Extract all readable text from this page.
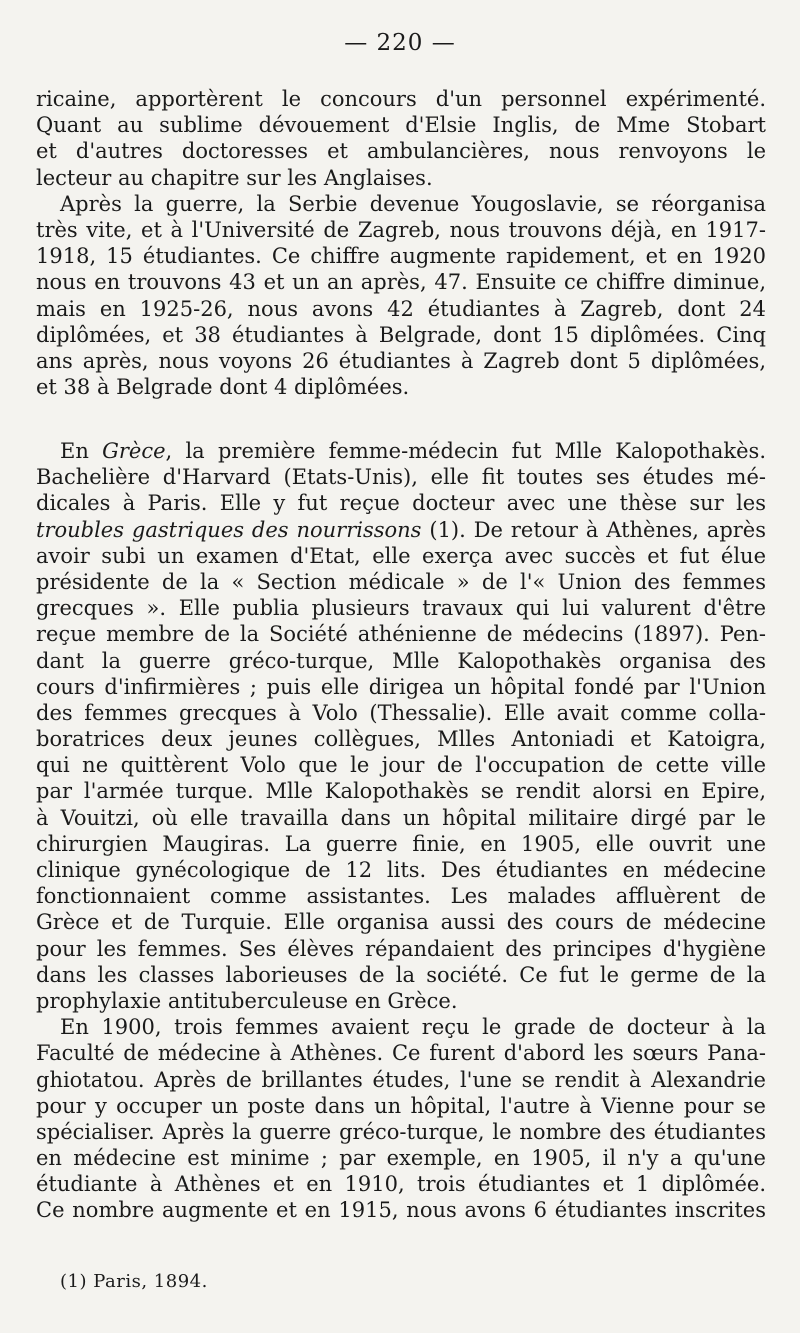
— 220 —
ricaine, apportèrent le concours d'un personnel expérimenté.
Quant au sublime dévouement d'Elsie Inglis, de Mme Stobart
et d'autres doctoresses et ambulancières, nous renvoyons le
lecteur au chapitre sur les Anglaises.
Après la guerre, la Serbie devenue Yougoslavie, se réorganisa
très vite, et à l'Université de Zagreb, nous trouvons déjà, en 1917-
1918, 15 étudiantes. Ce chiffre augmente rapidement, et en 1920
nous en trouvons 43 et un an après, 47. Ensuite ce chiffre diminue,
mais en 1925-26, nous avons 42 étudiantes à Zagreb, dont 24
diplômées, et 38 étudiantes à Belgrade, dont 15 diplômées. Cinq
ans après, nous voyons 26 étudiantes à Zagreb dont 5 diplômées,
et 38 à Belgrade dont 4 diplômées.
En Grèce, la première femme-médecin fut Mlle Kalopothakès.
Bachelière d'Harvard (Etats-Unis), elle fit toutes ses études mé-
dicales à Paris. Elle y fut reçue docteur avec une thèse sur les
troubles gastriques des nourrissons (1). De retour à Athènes, après
avoir subi un examen d'Etat, elle exerça avec succès et fut élue
présidente de la « Section médicale » de l'« Union des femmes
grecques ». Elle publia plusieurs travaux qui lui valurent d'être
reçue membre de la Société athénienne de médecins (1897). Pen-
dant la guerre gréco-turque, Mlle Kalopothakès organisa des
cours d'infirmières ; puis elle dirigea un hôpital fondé par l'Union
des femmes grecques à Volo (Thessalie). Elle avait comme colla-
boratrices deux jeunes collègues, Mlles Antoniadi et Katoigra,
qui ne quittèrent Volo que le jour de l'occupation de cette ville
par l'armée turque. Mlle Kalopothakès se rendit alorsi en Epire,
à Vouitzi, où elle travailla dans un hôpital militaire dirgé par le
chirurgien Maugiras. La guerre finie, en 1905, elle ouvrit une
clinique gynécologique de 12 lits. Des étudiantes en médecine
fonctionnaient comme assistantes. Les malades affluèrent de
Grèce et de Turquie. Elle organisa aussi des cours de médecine
pour les femmes. Ses élèves répandaient des principes d'hygiène
dans les classes laborieuses de la société. Ce fut le germe de la
prophylaxie antituberculeuse en Grèce.
En 1900, trois femmes avaient reçu le grade de docteur à la
Faculté de médecine à Athènes. Ce furent d'abord les sœurs Pana-
ghiotatou. Après de brillantes études, l'une se rendit à Alexandrie
pour y occuper un poste dans un hôpital, l'autre à Vienne pour se
spécialiser. Après la guerre gréco-turque, le nombre des étudiantes
en médecine est minime ; par exemple, en 1905, il n'y a qu'une
étudiante à Athènes et en 1910, trois étudiantes et 1 diplômée.
Ce nombre augmente et en 1915, nous avons 6 étudiantes inscrites
(1) Paris, 1894.
